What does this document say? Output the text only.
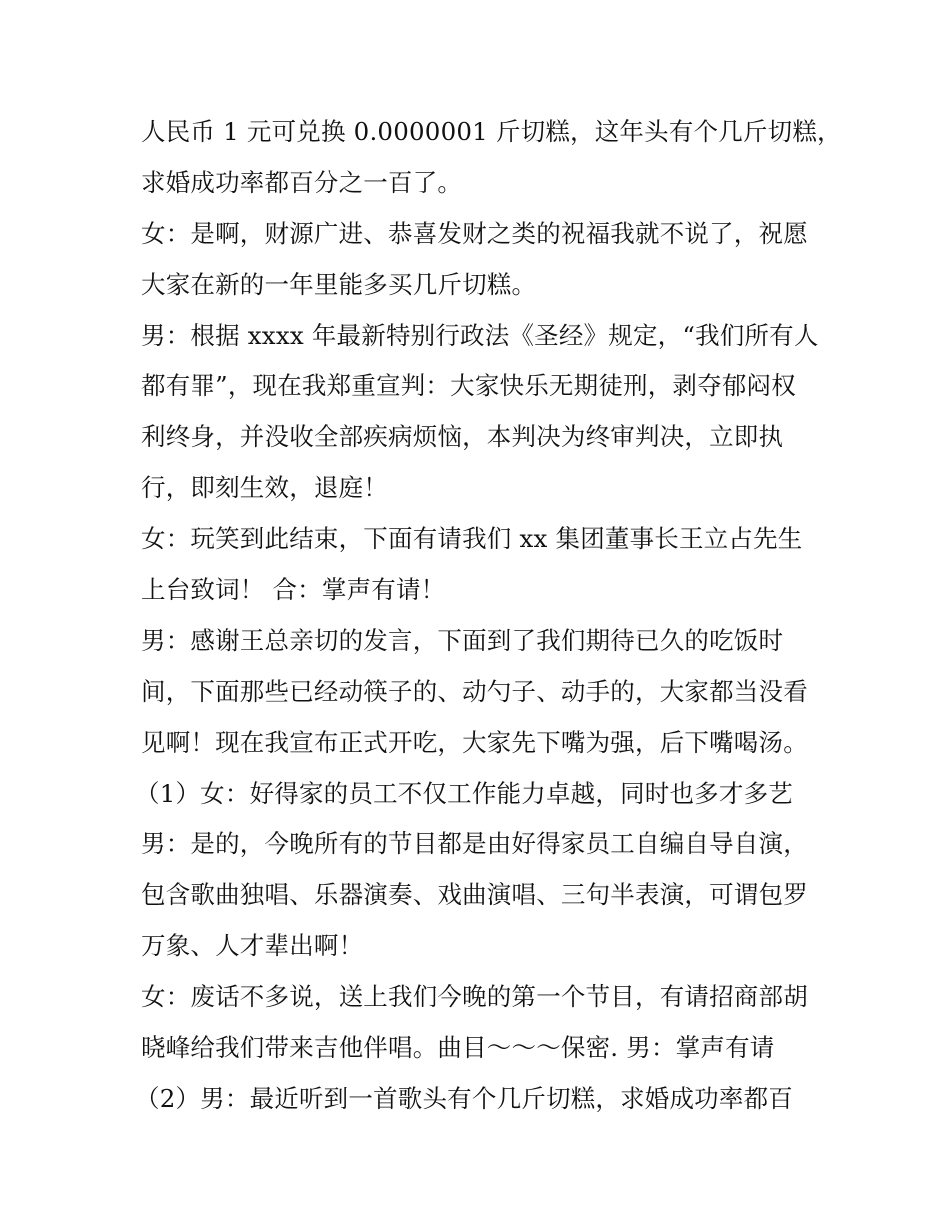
人民币 1 元可兑换 0.0000001 斤切糕，这年头有个几斤切糕，

求婚成功率都百分之一百了。

女：是啊，财源广进、恭喜发财之类的祝福我就不说了，祝愿

大家在新的一年里能多买几斤切糕。

男：根据 xxxx 年最新特别行政法《圣经》规定，“我们所有人

都有罪”，现在我郑重宣判：大家快乐无期徒刑，剥夺郁闷权

利终身，并没收全部疾病烦恼，本判决为终审判决，立即执

行，即刻生效，退庭！

女：玩笑到此结束，下面有请我们 xx 集团董事长王立占先生

上台致词！ 合：掌声有请！

男：感谢王总亲切的发言，下面到了我们期待已久的吃饭时

间，下面那些已经动筷子的、动勺子、动手的，大家都当没看

见啊！现在我宣布正式开吃，大家先下嘴为强，后下嘴喝汤。

（1）女：好得家的员工不仅工作能力卓越，同时也多才多艺

男：是的，今晚所有的节目都是由好得家员工自编自导自演，

包含歌曲独唱、乐器演奏、戏曲演唱、三句半表演，可谓包罗

万象、人才辈出啊！

女：废话不多说，送上我们今晚的第一个节目，有请招商部胡

晓峰给我们带来吉他伴唱。曲目～～～保密. 男：掌声有请

（2）男：最近听到一首歌头有个几斤切糕，求婚成功率都百
